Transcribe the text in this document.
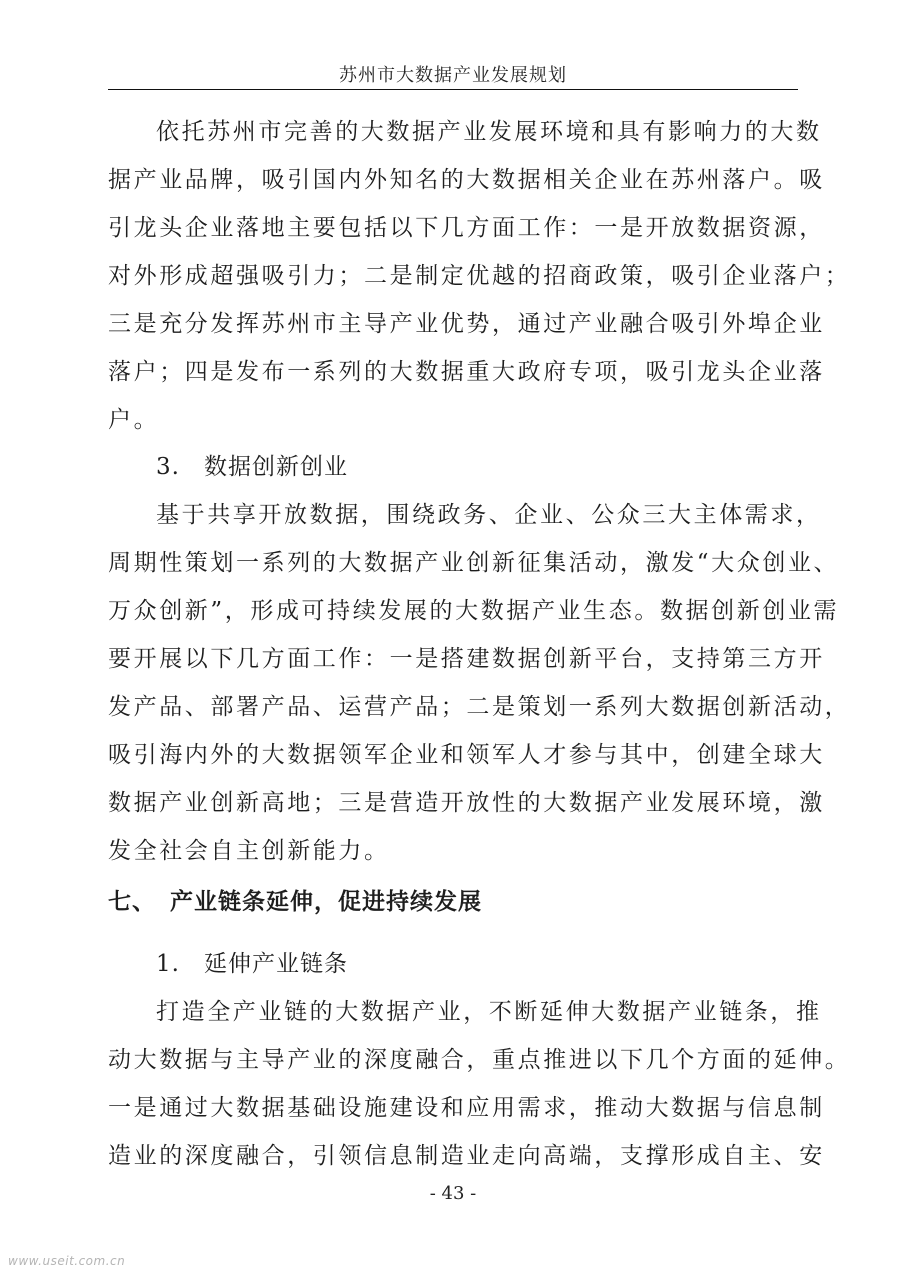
苏州市大数据产业发展规划
依托苏州市完善的大数据产业发展环境和具有影响力的大数
据产业品牌，吸引国内外知名的大数据相关企业在苏州落户。吸
引龙头企业落地主要包括以下几方面工作：一是开放数据资源，
对外形成超强吸引力；二是制定优越的招商政策，吸引企业落户；
三是充分发挥苏州市主导产业优势，通过产业融合吸引外埠企业
落户；四是发布一系列的大数据重大政府专项，吸引龙头企业落
户。
3. 数据创新创业
基于共享开放数据，围绕政务、企业、公众三大主体需求，
周期性策划一系列的大数据产业创新征集活动，激发“大众创业、
万众创新”，形成可持续发展的大数据产业生态。数据创新创业需
要开展以下几方面工作：一是搭建数据创新平台，支持第三方开
发产品、部署产品、运营产品；二是策划一系列大数据创新活动，
吸引海内外的大数据领军企业和领军人才参与其中，创建全球大
数据产业创新高地；三是营造开放性的大数据产业发展环境，激
发全社会自主创新能力。
七、 产业链条延伸，促进持续发展
1. 延伸产业链条
打造全产业链的大数据产业，不断延伸大数据产业链条，推
动大数据与主导产业的深度融合，重点推进以下几个方面的延伸。
一是通过大数据基础设施建设和应用需求，推动大数据与信息制
造业的深度融合，引领信息制造业走向高端，支撑形成自主、安
- 43 -
www.useit.com.cn
